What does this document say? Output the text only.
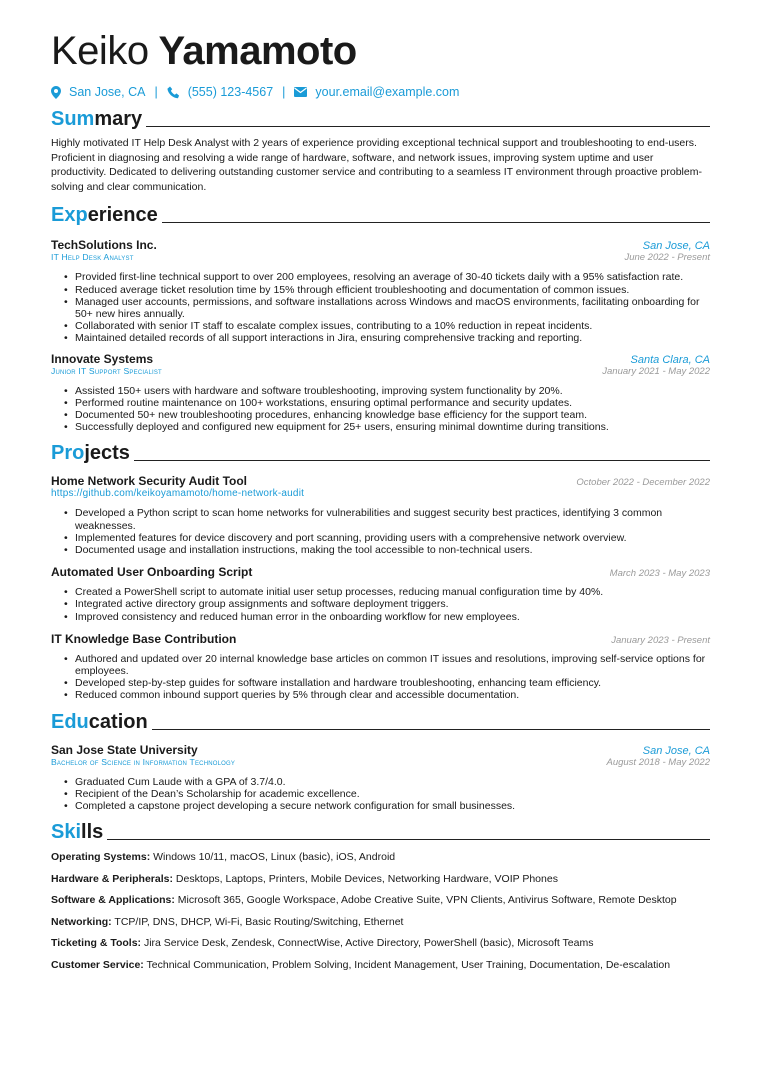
Keiko Yamamoto
San Jose, CA | (555) 123-4567 | your.email@example.com
Summary
Highly motivated IT Help Desk Analyst with 2 years of experience providing exceptional technical support and troubleshooting to end-users. Proficient in diagnosing and resolving a wide range of hardware, software, and network issues, improving system uptime and user productivity. Dedicated to delivering outstanding customer service and contributing to a seamless IT environment through proactive problem-solving and clear communication.
Experience
TechSolutions Inc.	San Jose, CA
IT Help Desk Analyst	June 2022 - Present
• Provided first-line technical support to over 200 employees, resolving an average of 30-40 tickets daily with a 95% satisfaction rate.
• Reduced average ticket resolution time by 15% through efficient troubleshooting and documentation of common issues.
• Managed user accounts, permissions, and software installations across Windows and macOS environments, facilitating onboarding for 50+ new hires annually.
• Collaborated with senior IT staff to escalate complex issues, contributing to a 10% reduction in repeat incidents.
• Maintained detailed records of all support interactions in Jira, ensuring comprehensive tracking and reporting.
Innovate Systems	Santa Clara, CA
Junior IT Support Specialist	January 2021 - May 2022
• Assisted 150+ users with hardware and software troubleshooting, improving system functionality by 20%.
• Performed routine maintenance on 100+ workstations, ensuring optimal performance and security updates.
• Documented 50+ new troubleshooting procedures, enhancing knowledge base efficiency for the support team.
• Successfully deployed and configured new equipment for 25+ users, ensuring minimal downtime during transitions.
Projects
Home Network Security Audit Tool	October 2022 - December 2022
https://github.com/keikoyamamoto/home-network-audit
• Developed a Python script to scan home networks for vulnerabilities and suggest security best practices, identifying 3 common weaknesses.
• Implemented features for device discovery and port scanning, providing users with a comprehensive network overview.
• Documented usage and installation instructions, making the tool accessible to non-technical users.
Automated User Onboarding Script	March 2023 - May 2023
• Created a PowerShell script to automate initial user setup processes, reducing manual configuration time by 40%.
• Integrated active directory group assignments and software deployment triggers.
• Improved consistency and reduced human error in the onboarding workflow for new employees.
IT Knowledge Base Contribution	January 2023 - Present
• Authored and updated over 20 internal knowledge base articles on common IT issues and resolutions, improving self-service options for employees.
• Developed step-by-step guides for software installation and hardware troubleshooting, enhancing team efficiency.
• Reduced common inbound support queries by 5% through clear and accessible documentation.
Education
San Jose State University	San Jose, CA
Bachelor of Science in Information Technology	August 2018 - May 2022
• Graduated Cum Laude with a GPA of 3.7/4.0.
• Recipient of the Dean’s Scholarship for academic excellence.
• Completed a capstone project developing a secure network configuration for small businesses.
Skills
Operating Systems: Windows 10/11, macOS, Linux (basic), iOS, Android
Hardware & Peripherals: Desktops, Laptops, Printers, Mobile Devices, Networking Hardware, VOIP Phones
Software & Applications: Microsoft 365, Google Workspace, Adobe Creative Suite, VPN Clients, Antivirus Software, Remote Desktop
Networking: TCP/IP, DNS, DHCP, Wi-Fi, Basic Routing/Switching, Ethernet
Ticketing & Tools: Jira Service Desk, Zendesk, ConnectWise, Active Directory, PowerShell (basic), Microsoft Teams
Customer Service: Technical Communication, Problem Solving, Incident Management, User Training, Documentation, De-escalation
